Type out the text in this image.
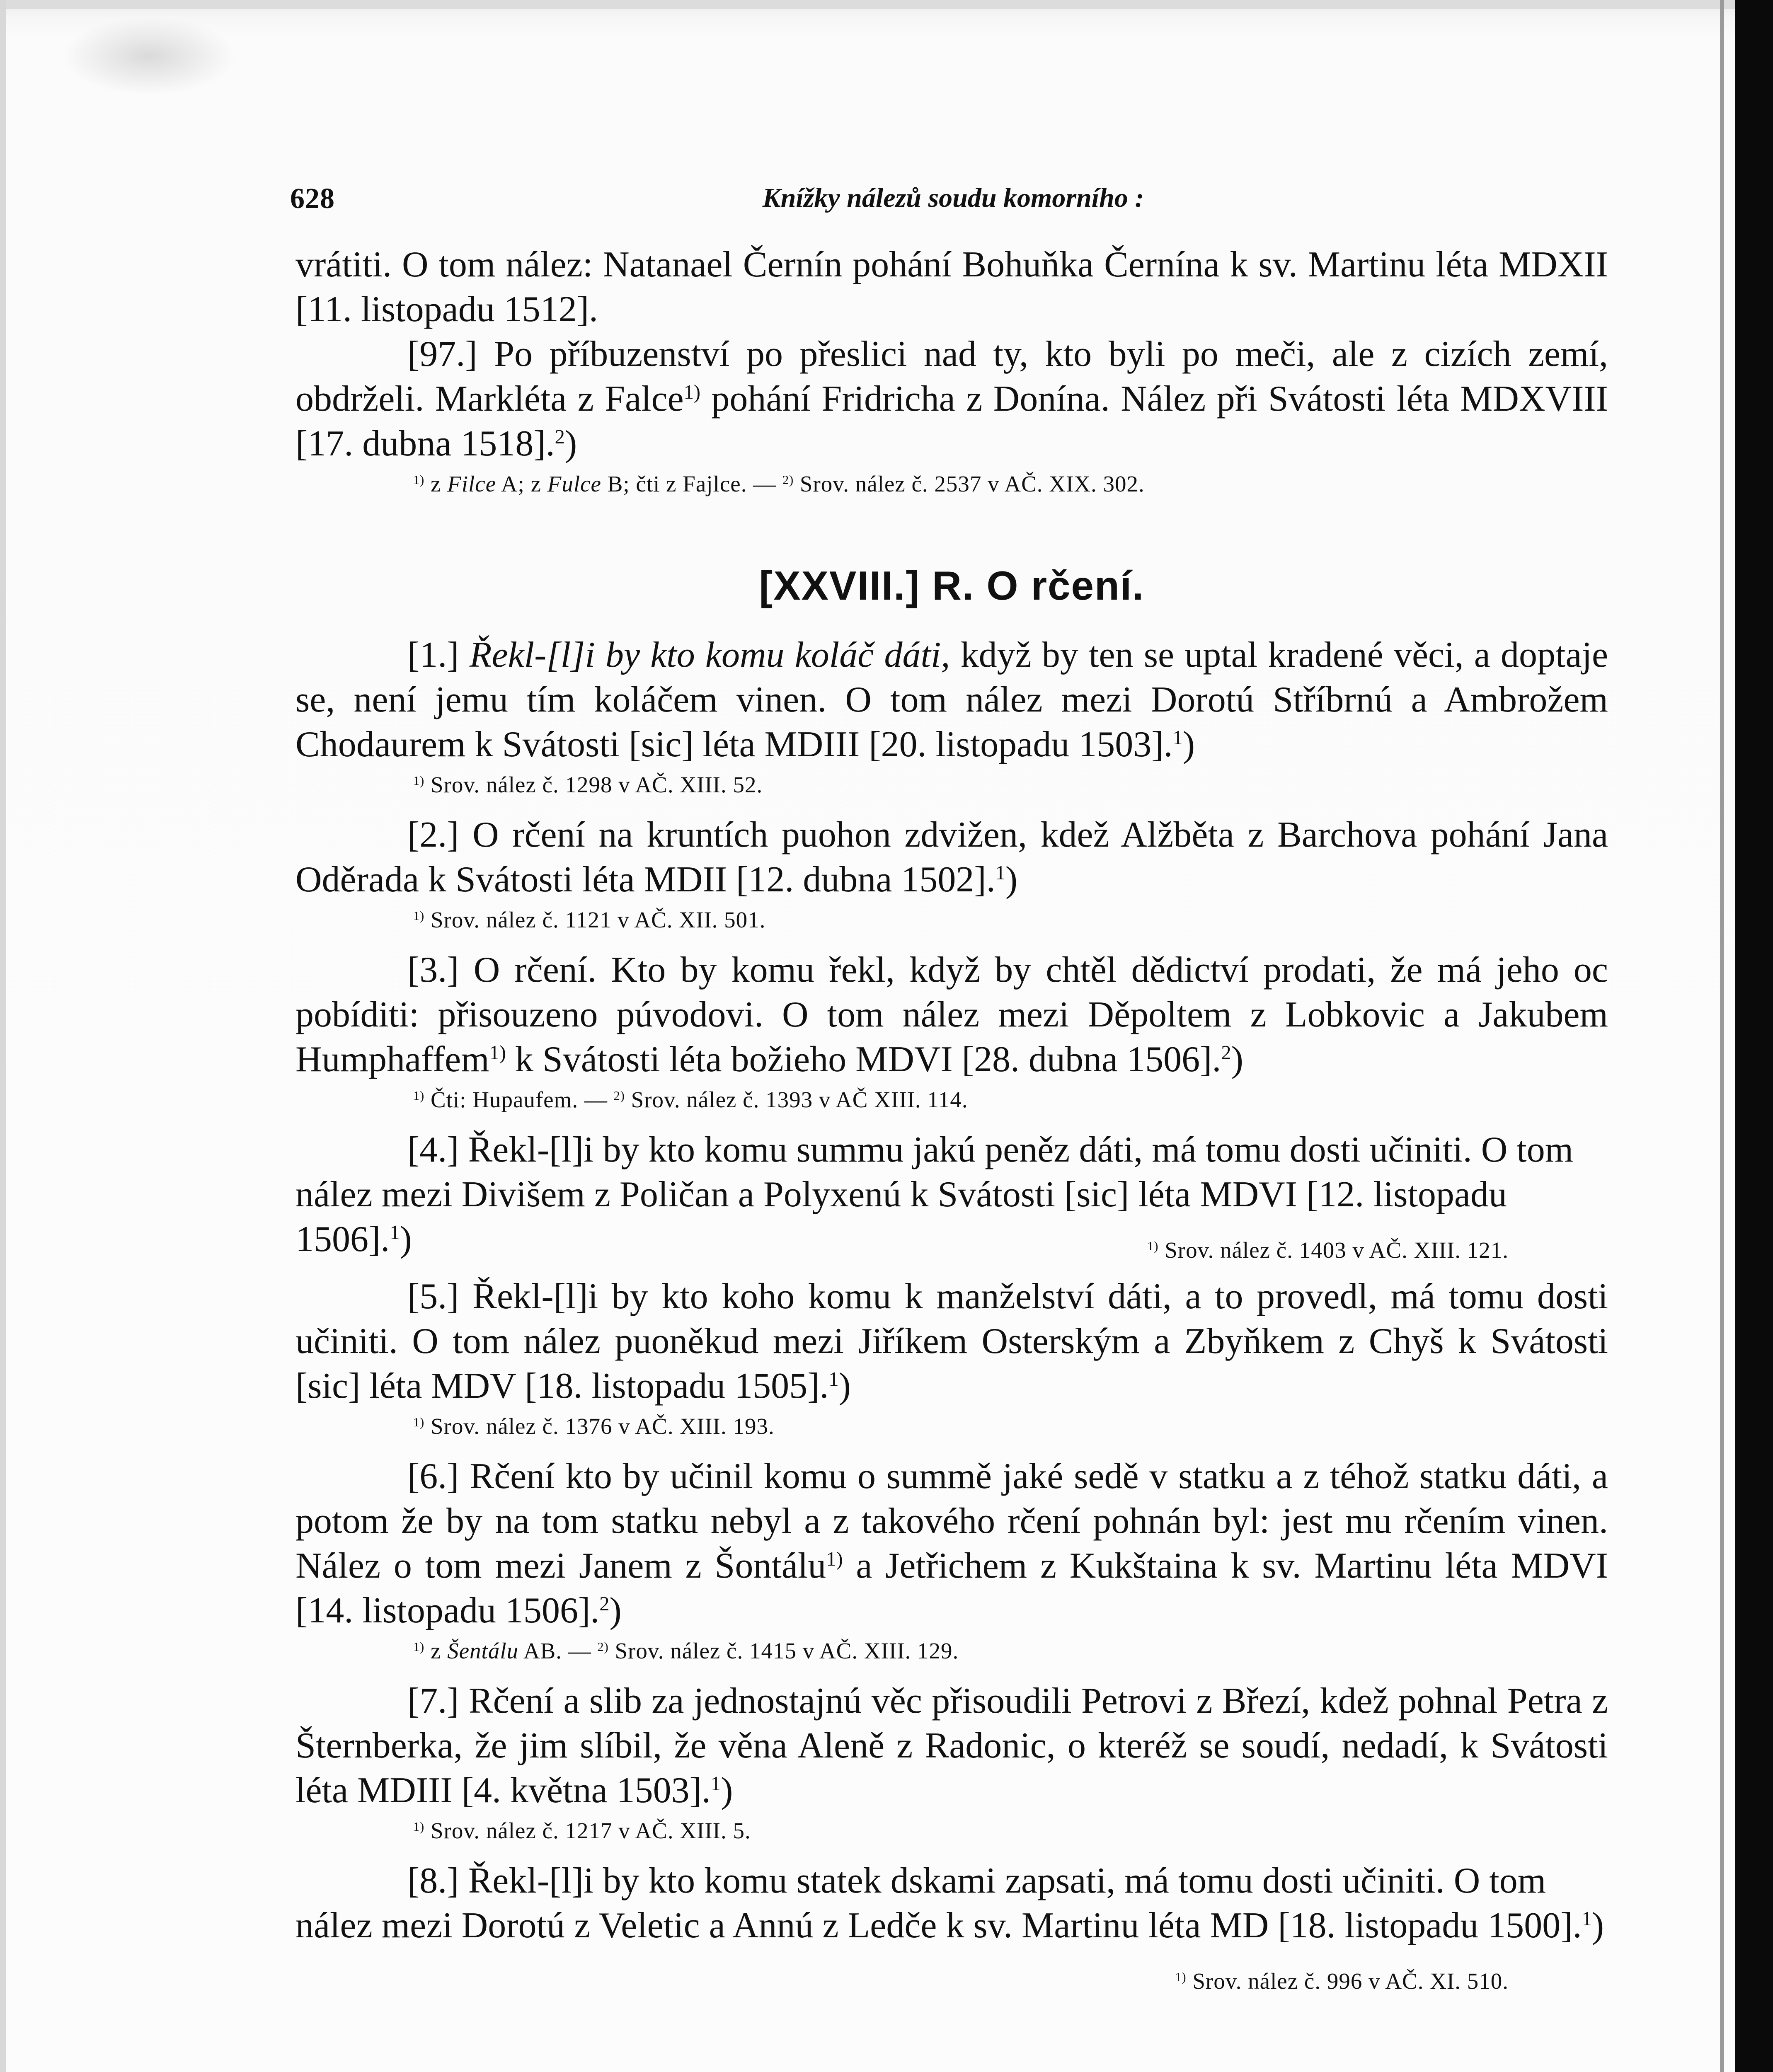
628	Knížky nálezů soudu komorního :

vrátiti. O tom nález: Natanael Černín pohání Bohuňka Černína k sv. Martinu léta MDXII [11. listopadu 1512].

[97.] Po příbuzenství po přeslici nad ty, kto byli po meči, ale z cizích zemí, obdrželi. Markléta z Falce$^{1)}$ pohání Fridricha z Donína. Nález při Svátosti léta MDXVIII [17. dubna 1518].$^2$)

$^{1)}$ z Filce A; z Fulce B; čti z Fajlce. — $^{2)}$ Srov. nález č. 2537 v AČ. XIX. 302.
[XXVIII.] R. O rčení.

[1.] Řekl-[l]i by kto komu koláč dáti, když by ten se uptal kradené věci, a doptaje se, není jemu tím koláčem vinen. O tom nález mezi Dorotú Stříbrnú a Ambrožem Chodaurem k Svátosti [sic] léta MDIII [20. listopadu 1503].$^1$)

$^{1)}$ Srov. nález č. 1298 v AČ. XIII. 52.

[2.] O rčení na kruntích puohon zdvižen, kdež Alžběta z Barchova pohání Jana Oděrada k Svátosti léta MDII [12. dubna 1502].$^1$)

$^{1)}$ Srov. nález č. 1121 v AČ. XII. 501.

[3.] O rčení. Kto by komu řekl, když by chtěl dědictví prodati, že má jeho oc pobíditi: přisouzeno púvodovi. O tom nález mezi Děpoltem z Lobkovic a Jakubem Humphaffem$^{1)}$ k Svátosti léta božieho MDVI [28. dubna 1506].$^2$)

$^{1)}$ Čti: Hupaufem. — $^{2)}$ Srov. nález č. 1393 v AČ XIII. 114.

[4.] Řekl-[l]i by kto komu summu jakú peněz dáti, má tomu dosti učiniti. O tom nález mezi Divišem z Poličan a Polyxenú k Svátosti [sic] léta MDVI [12. listopadu 1506].$^1$)	$^{1)}$ Srov. nález č. 1403 v AČ. XIII. 121.

[5.] Řekl-[l]i by kto koho komu k manželství dáti, a to provedl, má tomu dosti učiniti. O tom nález puoněkud mezi Jiříkem Osterským a Zbyňkem z Chyš k Svátosti [sic] léta MDV [18. listopadu 1505].$^1$)

$^{1)}$ Srov. nález č. 1376 v AČ. XIII. 193.

[6.] Rčení kto by učinil komu o summě jaké sedě v statku a z téhož statku dáti, a potom že by na tom statku nebyl a z takového rčení pohnán byl: jest mu rčením vinen. Nález o tom mezi Janem z Šontálu$^{1)}$ a Jetřichem z Kukštaina k sv. Martinu léta MDVI [14. listopadu 1506].$^2$)

$^{1)}$ z Šentálu AB. — $^{2)}$ Srov. nález č. 1415 v AČ. XIII. 129.

[7.] Rčení a slib za jednostajnú věc přisoudili Petrovi z Březí, kdež pohnal Petra z Šternberka, že jim slíbil, že věna Aleně z Radonic, o kteréž se soudí, nedadí, k Svátosti léta MDIII [4. května 1503].$^1$)

$^{1)}$ Srov. nález č. 1217 v AČ. XIII. 5.

[8.] Řekl-[l]i by kto komu statek dskami zapsati, má tomu dosti učiniti. O tom nález mezi Dorotú z Veletic a Annú z Ledče k sv. Martinu léta MD [18. listopadu 1500].$^1$)
$^{1)}$ Srov. nález č. 996 v AČ. XI. 510.
